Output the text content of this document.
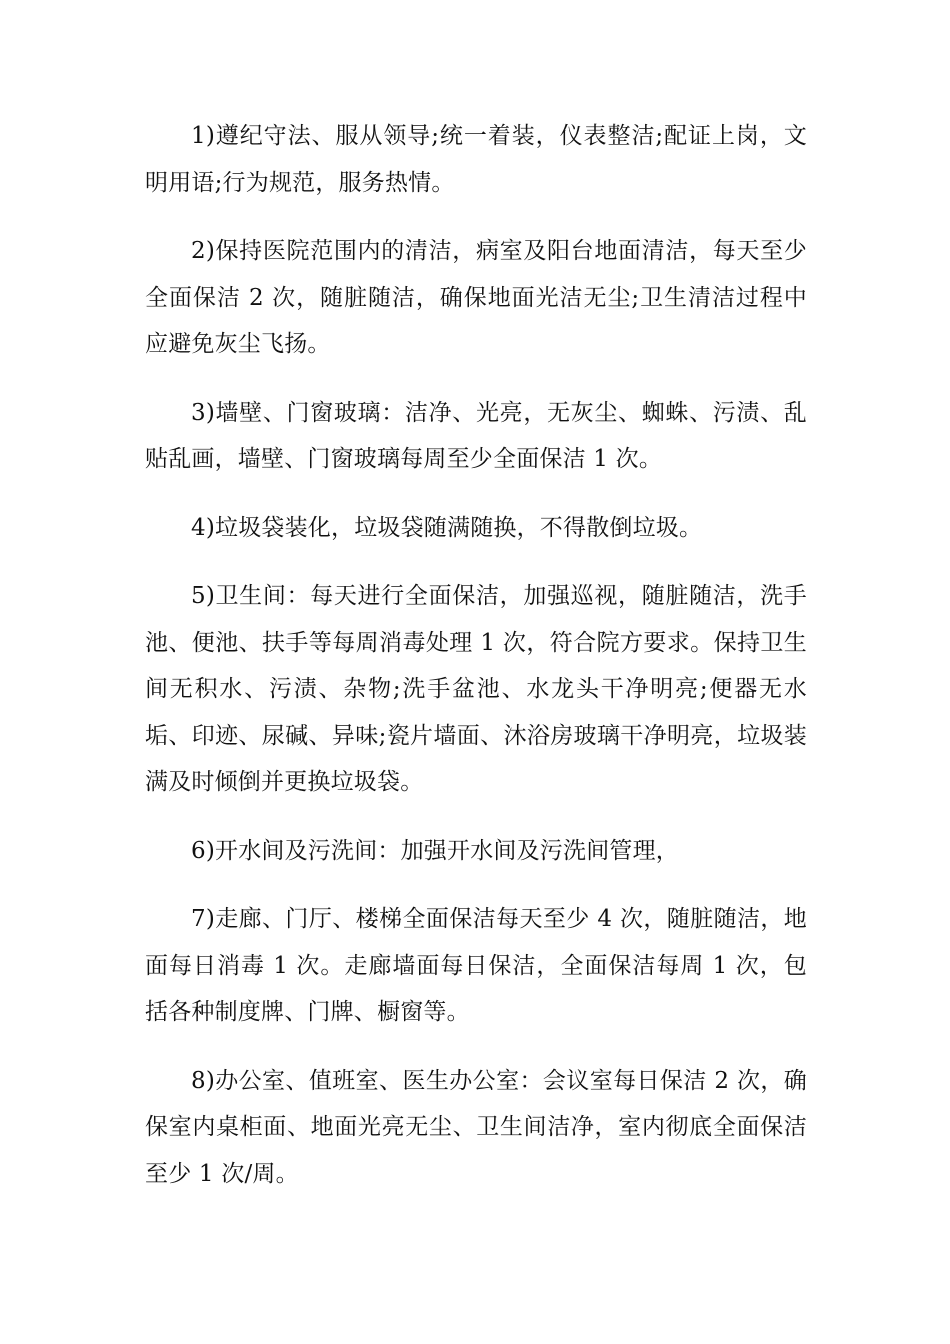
1)遵纪守法、服从领导;统一着装，仪表整洁;配证上岗，文明用语;行为规范，服务热情。

2)保持医院范围内的清洁，病室及阳台地面清洁，每天至少全面保洁 2 次，随脏随洁，确保地面光洁无尘;卫生清洁过程中应避免灰尘飞扬。

3)墙壁、门窗玻璃：洁净、光亮，无灰尘、蜘蛛、污渍、乱贴乱画，墙壁、门窗玻璃每周至少全面保洁 1 次。

4)垃圾袋装化，垃圾袋随满随换，不得散倒垃圾。

5)卫生间：每天进行全面保洁，加强巡视，随脏随洁，洗手池、便池、扶手等每周消毒处理 1 次，符合院方要求。保持卫生间无积水、污渍、杂物;洗手盆池、水龙头干净明亮;便器无水垢、印迹、尿碱、异味;瓷片墙面、沐浴房玻璃干净明亮，垃圾装满及时倾倒并更换垃圾袋。

6)开水间及污洗间：加强开水间及污洗间管理，

7)走廊、门厅、楼梯全面保洁每天至少 4 次，随脏随洁，地面每日消毒 1 次。走廊墙面每日保洁，全面保洁每周 1 次，包括各种制度牌、门牌、橱窗等。

8)办公室、值班室、医生办公室：会议室每日保洁 2 次，确保室内桌柜面、地面光亮无尘、卫生间洁净，室内彻底全面保洁至少 1 次/周。
